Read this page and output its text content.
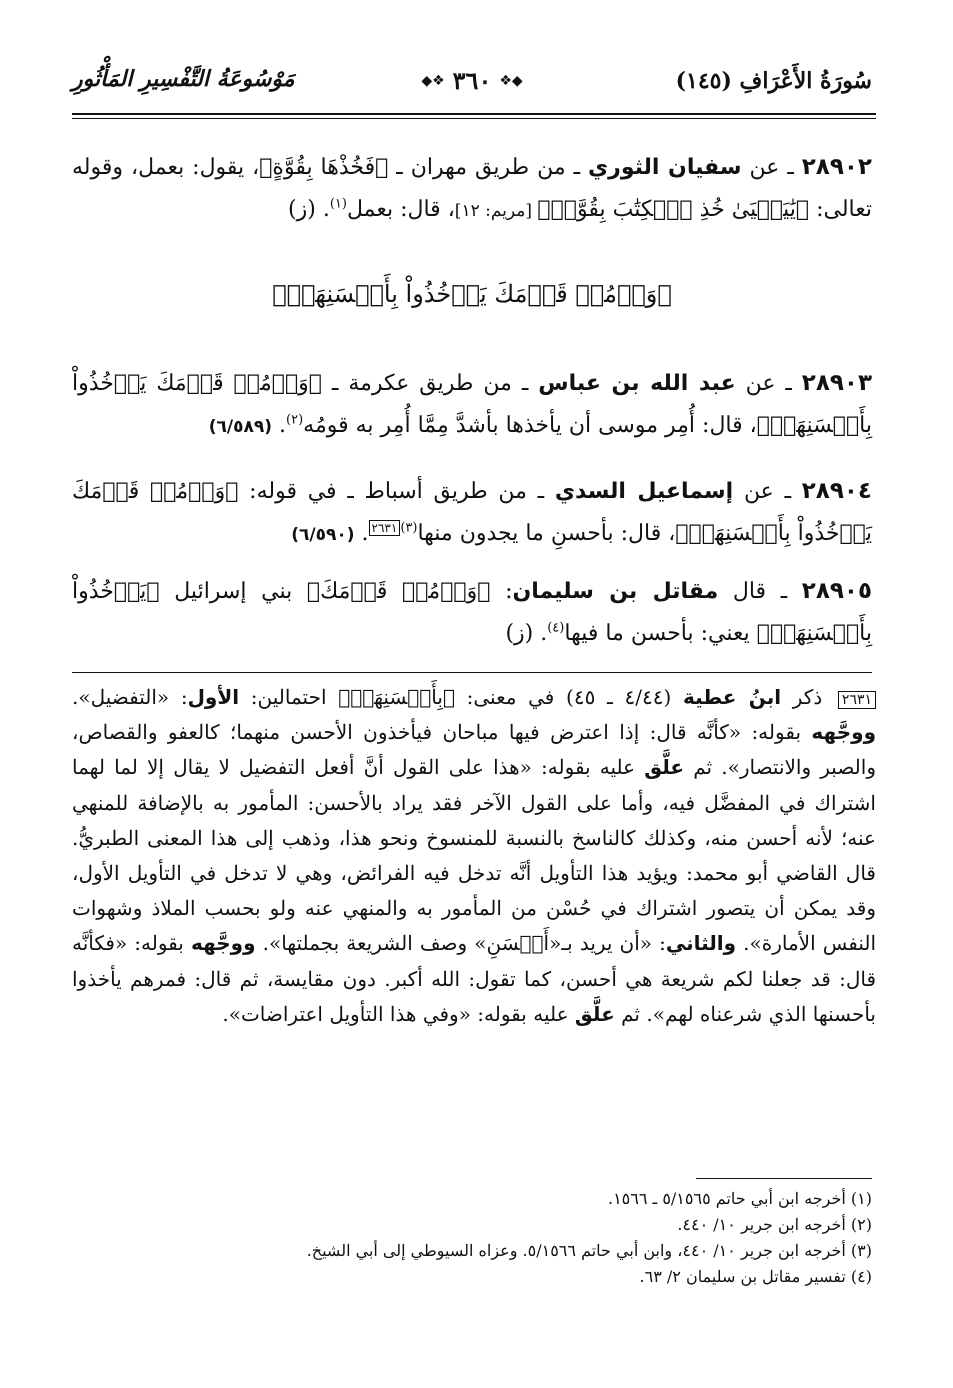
سُورَةُ الأَعْرَافِ (١٤٥)
◆❖ ٣٦٠ ❖◆
مَوْسُوعَةُ التَّفْسِيرِ المَأْثُورِ
٢٨٩٠٢ ـ عن سفيان الثوري ـ من طريق مهران ـ ﴿فَخُذْهَا بِقُوَّةٍ﴾، يقول: بعمل، وقوله تعالى: ﴿يَٰيَحۡيَىٰ خُذِ ٱلۡكِتَٰبَ بِقُوَّةٖ﴾ [مريم: ١٢]، قال: بعمل$^{(١)}$. (ز)
﴿وَأۡمُرۡ قَوۡمَكَ يَأۡخُذُواْ بِأَحۡسَنِهَاۚ﴾
٢٨٩٠٣ ـ عن عبد الله بن عباس ـ من طريق عكرمة ـ ﴿وَأۡمُرۡ قَوۡمَكَ يَأۡخُذُواْ بِأَحۡسَنِهَاۚ﴾، قال: أُمِر موسى أن يأخذها بأشدَّ مِمَّا أُمِر به قومُه$^{(٢)}$. (٦/٥٨٩)
٢٨٩٠٤ ـ عن إسماعيل السدي ـ من طريق أسباط ـ في قوله: ﴿وَأۡمُرۡ قَوۡمَكَ يَأۡخُذُواْ بِأَحۡسَنِهَاۚ﴾، قال: بأحسنِ ما يجدون منها$^{(٣)}$٢٦٣١. (٦/٥٩٠)
٢٨٩٠٥ ـ قال مقاتل بن سليمان: ﴿وَأۡمُرۡ قَوۡمَكَ﴾ بني إسرائيل ﴿يَأۡخُذُواْ بِأَحۡسَنِهَاۚ﴾ يعني: بأحسن ما فيها$^{(٤)}$. (ز)
٢٦٣١ ذكر ابنُ عطية (٤/٤٤ ـ ٤٥) في معنى: ﴿بِأَحۡسَنِهَاۚ﴾ احتمالين: الأول: «التفضيل». ووجَّهه بقوله: «كأنَّه قال: إذا اعترض فيها مباحان فيأخذون الأحسن منهما؛ كالعفو والقصاص، والصبر والانتصار». ثم علَّق عليه بقوله: «هذا على القول أنَّ أفعل التفضيل لا يقال إلا لما لهما اشتراك في المفضَّل فيه، وأما على القول الآخر فقد يراد بالأحسن: المأمور به بالإضافة للمنهي عنه؛ لأنه أحسن منه، وكذلك كالناسخ بالنسبة للمنسوخ ونحو هذا، وذهب إلى هذا المعنى الطبريُّ. قال القاضي أبو محمد: ويؤيد هذا التأويل أنَّه تدخل فيه الفرائض، وهي لا تدخل في التأويل الأول، وقد يمكن أن يتصور اشتراك في حُسْن من المأمور به والمنهي عنه ولو بحسب الملاذ وشهوات النفس الأمارة». والثاني: «أن يريد بـ«أَحۡسَنِ» وصف الشريعة بجملتها». ووجَّهه بقوله: «فكأنَّه قال: قد جعلنا لكم شريعة هي أحسن، كما تقول: الله أكبر. دون مقايسة، ثم قال: فمرهم يأخذوا بأحسنها الذي شرعناه لهم». ثم علَّق عليه بقوله: «وفي هذا التأويل اعتراضات».
(١) أخرجه ابن أبي حاتم ٥/١٥٦٥ ـ ١٥٦٦.
(٢) أخرجه ابن جرير ١٠/ ٤٤٠.
(٣) أخرجه ابن جرير ١٠/ ٤٤٠، وابن أبي حاتم ٥/١٥٦٦. وعزاه السيوطي إلى أبي الشيخ.
(٤) تفسير مقاتل بن سليمان ٢/ ٦٣.
